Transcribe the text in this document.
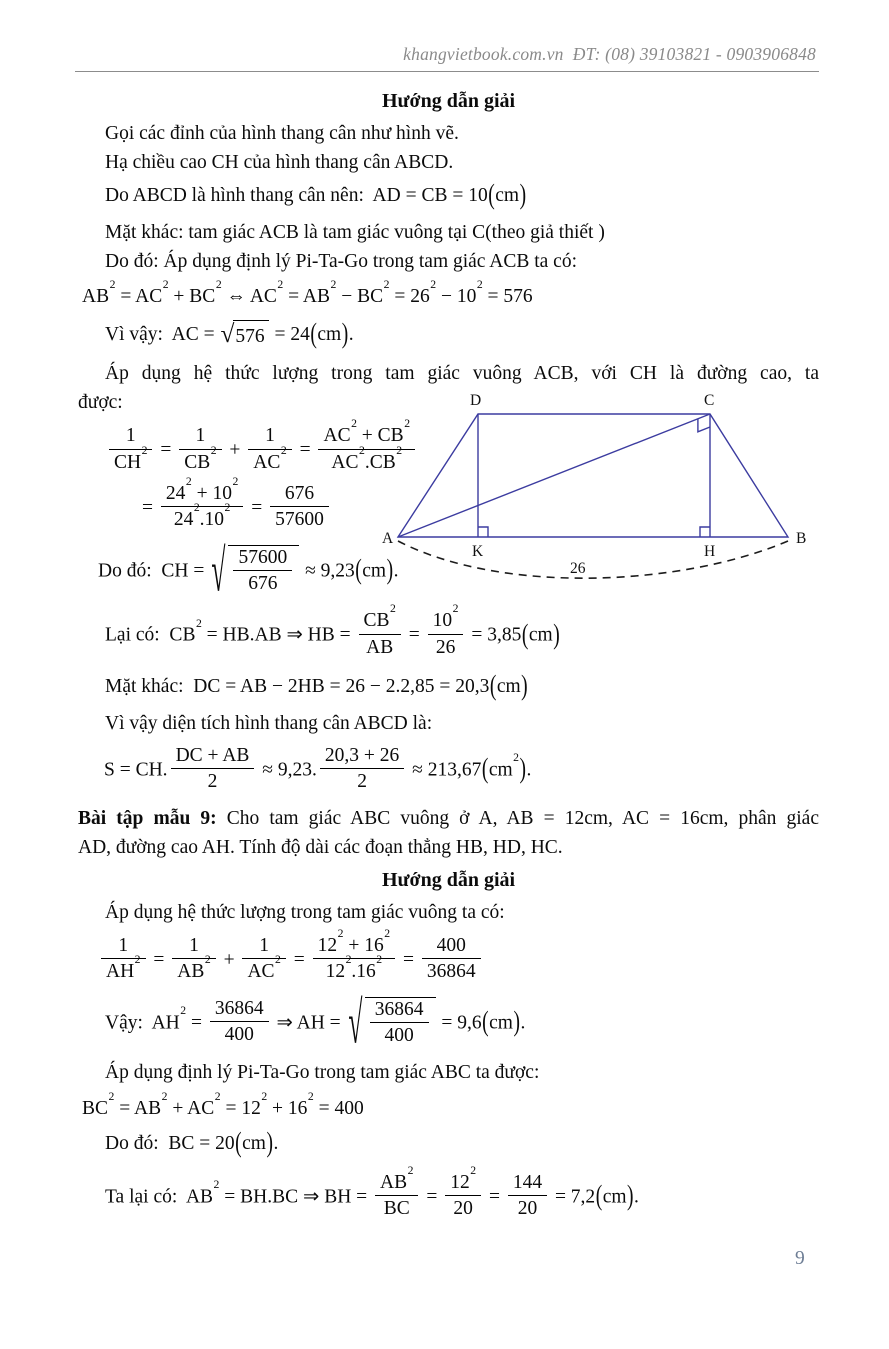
khangvietbook.com.vn  ĐT: (08) 39103821 - 0903906848
Hướng dẫn giải
Gọi các đỉnh của hình thang cân như hình vẽ.
Hạ chiều cao CH của hình thang cân ABCD.
Do ABCD là hình thang cân nên:  AD = CB = 10(cm)
Mặt khác: tam giác ACB là tam giác vuông tại C(theo giả thiết )
Do đó: Áp dụng định lý Pi-Ta-Go trong tam giác ACB ta có:
$AB^2 = AC^2 + BC^2$ ⇔ $AC^2 = AB^2 - BC^2 = 26^2 - 10^2 = 576$
Vì vậy:  AC = √ 576 = 24(cm).
Áp dụng hệ thức lượng trong tam giác vuông ACB, với CH là đường cao, ta
được:
$\frac{1}{CH^2} = \frac{1}{CB^2} + \frac{1}{AC^2} = \frac{AC^2 + CB^2}{AC^2.CB^2}$
= $\frac{24^2 + 10^2}{24^2.10^2} = \frac{676}{57600}$
Do đó:  CH = √ $\frac{57600}{676} \approx 9,23(cm)$.
Lại có:  $CB^2 = HB.AB$ ⇒ HB = $\frac{CB^2}{AB} = \frac{10^2}{26} = 3,85(cm)$
Mặt khác:  DC = AB − 2HB = 26 − 2.2,85 = 20,3(cm)
Vì vậy diện tích hình thang cân ABCD là:
S = CH. $\frac{DC + AB}{2} \approx 9,23$. $\frac{20,3 + 26}{2} \approx 213,67(cm^2)$.
Bài tập mẫu 9: Cho tam giác ABC vuông ở A, AB = 12cm, AC = 16cm, phân giác
AD, đường cao AH. Tính độ dài các đoạn thẳng HB, HD, HC.
Hướng dẫn giải
Áp dụng hệ thức lượng trong tam giác vuông ta có:
$\frac{1}{AH^2} = \frac{1}{AB^2} + \frac{1}{AC^2} = \frac{12^2 + 16^2}{12^2.16^2} = \frac{400}{36864}$
Vậy:  $AH^2 = \frac{36864}{400}$ ⇒ AH = √ $\frac{36864}{400} = 9,6(cm)$.
Áp dụng định lý Pi-Ta-Go trong tam giác ABC ta được:
$BC^2 = AB^2 + AC^2 = 12^2 + 16^2 = 400$
Do đó:  BC = 20(cm).
Ta lại có:  $AB^2 = BH.BC$ ⇒ BH = $\frac{AB^2}{BC} = \frac{12^2}{20} = \frac{144}{20} = 7,2(cm)$.
D	C
A	B
K	H
26
9
